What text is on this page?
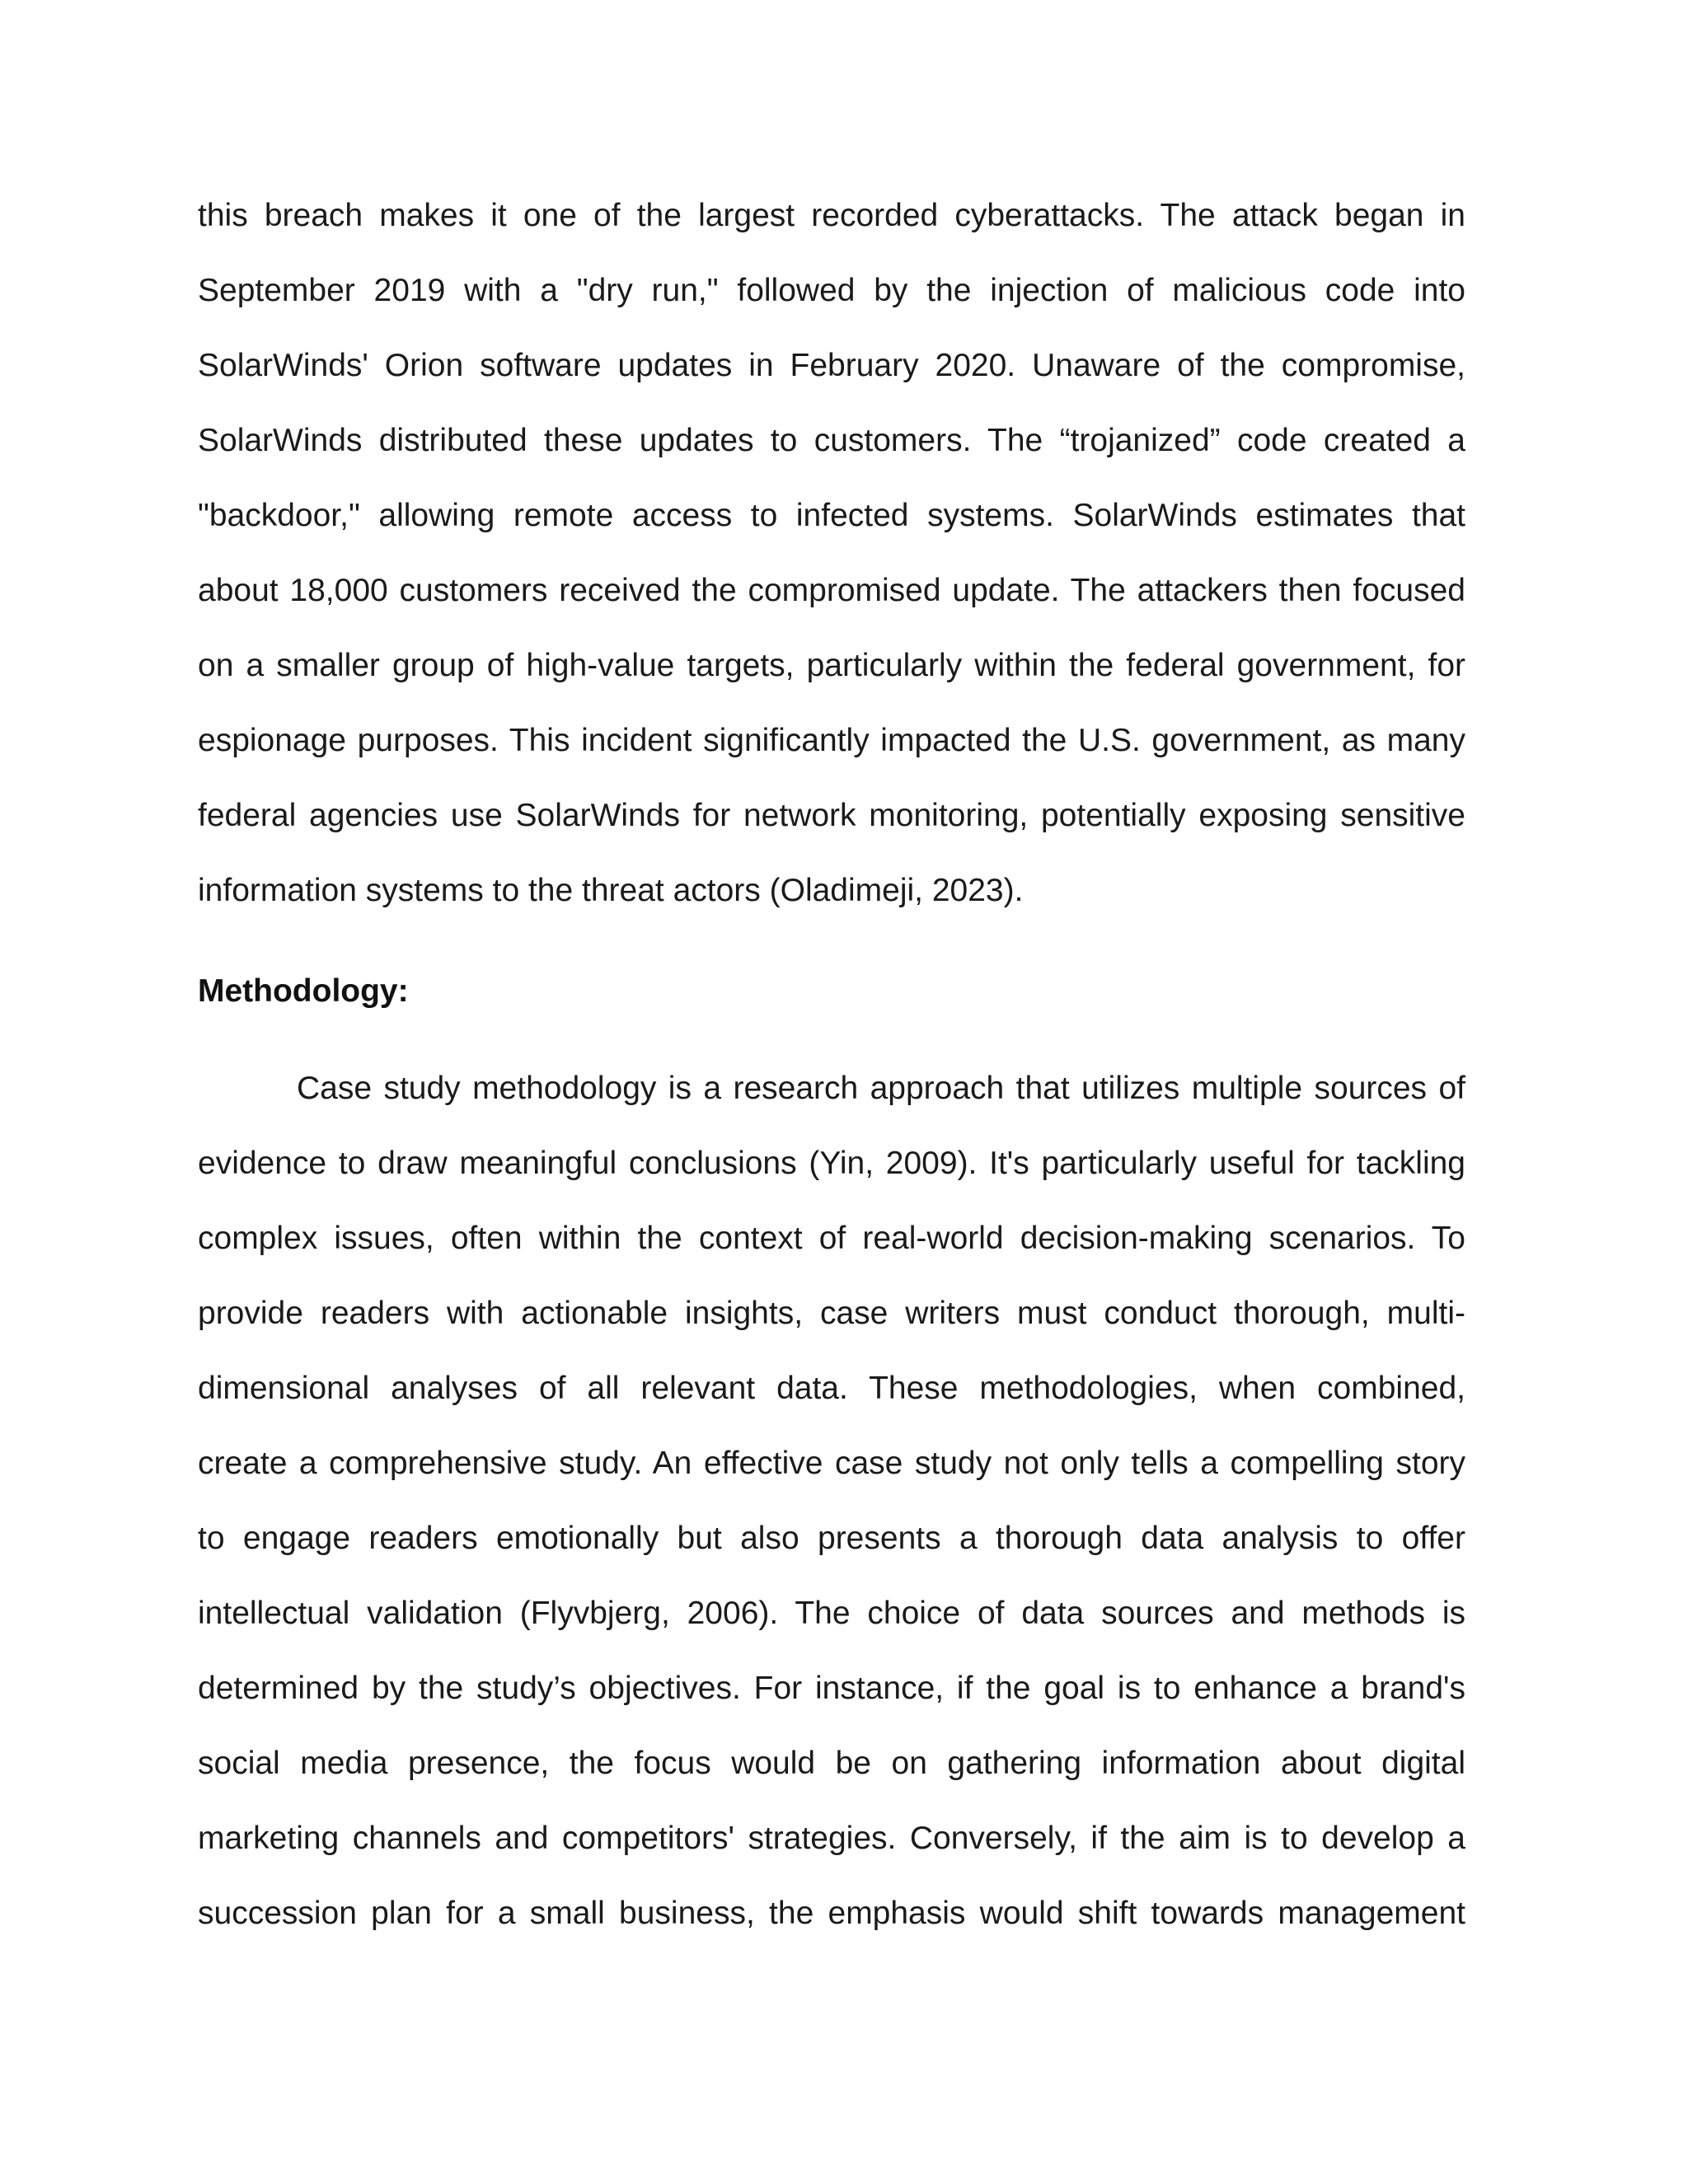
this breach makes it one of the largest recorded cyberattacks. The attack began in
September 2019 with a "dry run," followed by the injection of malicious code into
SolarWinds' Orion software updates in February 2020. Unaware of the compromise,
SolarWinds distributed these updates to customers. The “trojanized” code created a
"backdoor," allowing remote access to infected systems. SolarWinds estimates that
about 18,000 customers received the compromised update. The attackers then focused
on a smaller group of high-value targets, particularly within the federal government, for
espionage purposes. This incident significantly impacted the U.S. government, as many
federal agencies use SolarWinds for network monitoring, potentially exposing sensitive
information systems to the threat actors (Oladimeji, 2023).
Methodology:
Case study methodology is a research approach that utilizes multiple sources of
evidence to draw meaningful conclusions (Yin, 2009). It's particularly useful for tackling
complex issues, often within the context of real-world decision-making scenarios. To
provide readers with actionable insights, case writers must conduct thorough, multi-
dimensional analyses of all relevant data. These methodologies, when combined,
create a comprehensive study. An effective case study not only tells a compelling story
to engage readers emotionally but also presents a thorough data analysis to offer
intellectual validation (Flyvbjerg, 2006). The choice of data sources and methods is
determined by the study’s objectives. For instance, if the goal is to enhance a brand's
social media presence, the focus would be on gathering information about digital
marketing channels and competitors' strategies. Conversely, if the aim is to develop a
succession plan for a small business, the emphasis would shift towards management
